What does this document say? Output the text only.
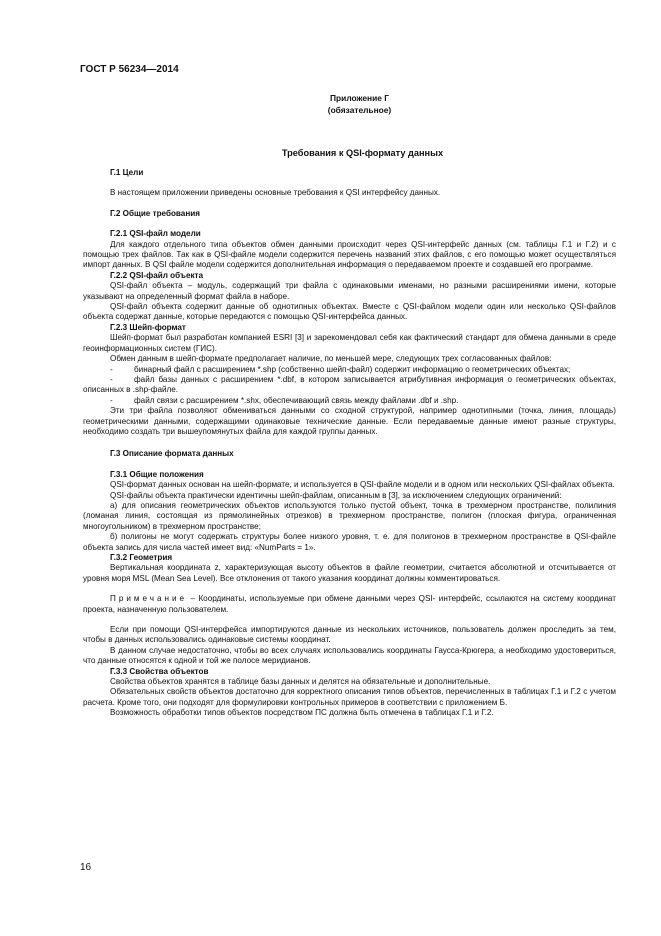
ГОСТ Р 56234—2014
Приложение Г
(обязательное)
Требования к QSI-формату данных

Г.1 Цели

В настоящем приложении приведены основные требования к QSI интерфейсу данных.

Г.2 Общие требования

Г.2.1 QSI-файл модели

Для каждого отдельного типа объектов обмен данными происходит через QSI-интерфейс данных (см. таблицы Г.1 и Г.2) и с помощью трех файлов. Так как в QSI-файле модели содержится перечень названий этих файлов, с его помощью может осуществляться импорт данных. В QSI файле модели содержится дополнительная информация о передаваемом проекте и создавшей его программе.

Г.2.2 QSI-файл объекта

QSI-файл объекта – модуль, содержащий три файла с одинаковыми именами, но разными расширениями имени, которые указывают на определенный формат файла в наборе.

QSI-файл объекта содержит данные об однотипных объектах. Вместе с QSI-файлом модели один или несколько QSI-файлов объекта содержат данные, которые передаются с помощью QSI-интерфейса данных.

Г.2.3 Шейп-формат

Шейп-формат был разработан компанией ESRI [3] и зарекомендовал себя как фактический стандарт для обмена данными в среде геоинформационных систем (ГИС).

Обмен данным в шейп-формате предполагает наличие, по меньшей мере, следующих трех согласованных файлов:

-	бинарный файл с расширением *.shp (собственно шейп-файл) содержит информацию о геометрических объектах;

-	файл базы данных с расширением *.dbf, в котором записывается атрибутивная информация о геометрических объектах, описанных в .shp-файле.

-	файл связи с расширением *.shx, обеспечивающий связь между файлами .dbf и .shp.

Эти три файла позволяют обмениваться данными со сходной структурой, например однотипными (точка, линия, площадь) геометрическими данными, содержащими одинаковые технические данные. Если передаваемые данные имеют разные структуры, необходимо создать три вышеупомянутых файла для каждой группы данных.

Г.3 Описание формата данных

Г.3.1 Общие положения

QSI-формат данных основан на шейп-формате, и используется в QSI-файле модели и в одном или нескольких QSI-файлах объекта.

QSI-файлы объекта практически идентичны шейп-файлам, описанным в [3], за исключением следующих ограничений:

а) для описания геометрических объектов используются только пустой объект, точка в трехмерном пространстве, полилиния (ломаная линия, состоящая из прямолинейных отрезков) в трехмерном пространстве, полигон (плоская фигура, ограниченная многоугольником) в трехмерном пространстве;

б) полигоны не могут содержать структуры более низкого уровня, т. е. для полигонов в трехмерном пространстве в QSI-файле объекта запись для числа частей имеет вид: «NumParts = 1».

Г.3.2 Геометрия

Вертикальная координата z, характеризующая высоту объектов в файле геометрии, считается абсолютной и отсчитывается от уровня моря MSL (Mean Sea Level). Все отклонения от такого указания координат должны комментироваться.

Примечание – Координаты, используемые при обмене данными через QSI- интерфейс, ссылаются на систему координат проекта, назначенную пользователем.

Если при помощи QSI-интерфейса импортируются данные из нескольких источников, пользователь должен проследить за тем, чтобы в данных использовались одинаковые системы координат.

В данном случае недостаточно, чтобы во всех случаях использовались координаты Гаусса-Крюгера, а необходимо удостовериться, что данные относятся к одной и той же полосе меридианов.

Г.3.3 Свойства объектов

Свойства объектов хранятся в таблице базы данных и делятся на обязательные и дополнительные.

Обязательных свойств объектов достаточно для корректного описания типов объектов, перечисленных в таблицах Г.1 и Г.2 с учетом расчета. Кроме того, они подходят для формулировки контрольных примеров в соответствии с приложением Б.

Возможность обработки типов объектов посредством ПС должна быть отмечена в таблицах Г.1 и Г.2.

16
